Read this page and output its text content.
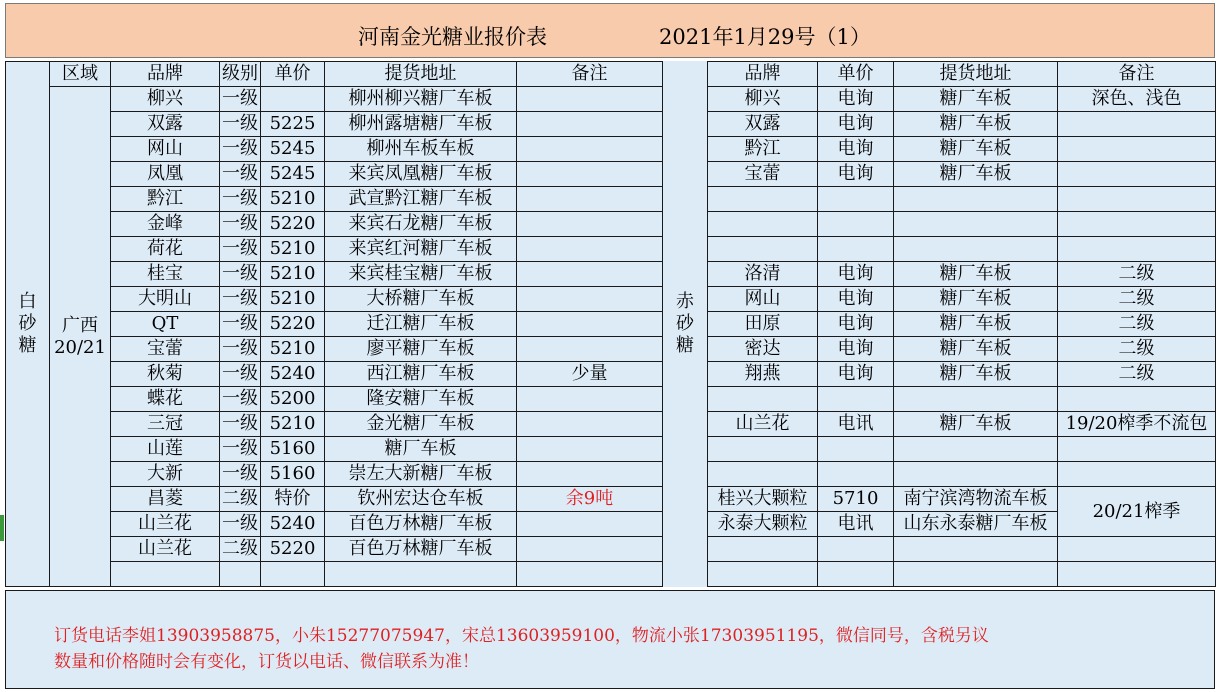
河南金光糖业报价表	2021年1月29号（1）
白
砂
糖	区域	品牌	级别	单价	提货地址	备注	赤
砂
糖	品牌	单价	提货地址	备注
	广西
20/21	柳兴	一级		柳州柳兴糖厂车板			柳兴	电询	糖厂车板	深色、浅色
		双露	一级	5225	柳州露塘糖厂车板			双露	电询	糖厂车板	
		网山	一级	5245	柳州车板车板			黔江	电询	糖厂车板	
		凤凰	一级	5245	来宾凤凰糖厂车板			宝蕾	电询	糖厂车板	
		黔江	一级	5210	武宣黔江糖厂车板						
		金峰	一级	5220	来宾石龙糖厂车板						
		荷花	一级	5210	来宾红河糖厂车板						
		桂宝	一级	5210	来宾桂宝糖厂车板			洛清	电询	糖厂车板	二级
		大明山	一级	5210	大桥糖厂车板			网山	电询	糖厂车板	二级
		QT	一级	5220	迁江糖厂车板			田原	电询	糖厂车板	二级
		宝蕾	一级	5210	廖平糖厂车板			密达	电询	糖厂车板	二级
		秋菊	一级	5240	西江糖厂车板	少量		翔燕	电询	糖厂车板	二级
		蝶花	一级	5200	隆安糖厂车板						
		三冠	一级	5210	金光糖厂车板			山兰花	电讯	糖厂车板	19/20榨季不流包
		山莲	一级	5160	糖厂车板						
		大新	一级	5160	崇左大新糖厂车板						
		昌菱	二级	特价	钦州宏达仓车板	余9吨		桂兴大颗粒	5710	南宁滨湾物流车板	20/21榨季
		山兰花	一级	5240	百色万林糖厂车板			永泰大颗粒	电讯	山东永泰糖厂车板	
		山兰花	二级	5220	百色万林糖厂车板						

订货电话李姐13903958875，小朱15277075947，宋总13603959100，物流小张17303951195，微信同号，含税另议
数量和价格随时会有变化，订货以电话、微信联系为准！
